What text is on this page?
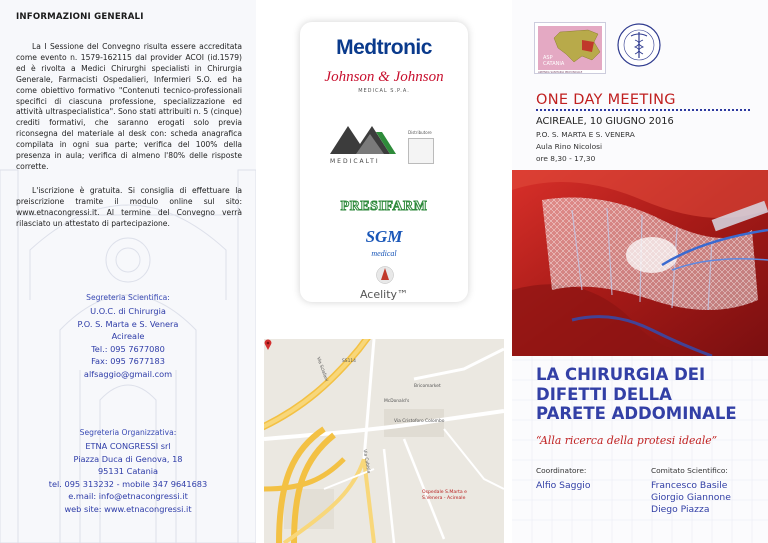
INFORMAZIONI GENERALI

La I Sessione del Convegno risulta essere accreditata come evento n. 1579-162115 dal provider ACOI (id.1579) ed è rivolta a Medici Chirurghi specialisti in Chirurgia Generale, Farmacisti Ospedalieri, Infermieri S.O. ed ha come obiettivo formativo "Contenuti tecnico-professionali specifici di ciascuna professione, specializzazione ed attività ultraspecialistica". Sono stati attribuiti n. 5 (cinque) crediti formativi, che saranno erogati solo previa riconsegna del materiale al desk con: scheda anagrafica compilata in ogni sua parte; verifica del 100% della presenza in aula; verifica di almeno l'80% delle risposte corrette.

L'iscrizione è gratuita. Si consiglia di effettuare la preiscrizione tramite il modulo online sul sito: www.etnacongressi.it. Al termine del Convegno verrà rilasciato un attestato di partecipazione.

Segreteria Scientifica:
U.O.C. di Chirurgia
P.O. S. Marta e S. Venera
Acireale
Tel.: 095 7677080
Fax: 095 7677183
alfsaggio@gmail.com
Segreteria Organizzativa:
ETNA CONGRESSI srl
Piazza Duca di Genova, 18
95131 Catania
tel. 095 313232 - mobile 347 9641683
e.mail: info@etnacongressi.it
web site: www.etnacongressi.it
Medtronic
Johnson & Johnson
MEDICAL S.P.A.
MEDICALTI
Distributore
PRESIFARM
SGM
medical
Acelity™
SS114
Via Cristoforo Colombo
Via Sclafani
Via Cubisia
Bricomarket
McDonald's
Ospedale S.Marta e
S.Venera - Acireale
ASP
CATANIA
AZIENDA SANITARIA PROVINCIALE
ONE DAY MEETING
ACIREALE, 10 GIUGNO 2016
P.O. S. MARTA E S. VENERA
Aula Rino Nicolosi
ore 8,30 - 17,30
LA CHIRURGIA DEI
DIFETTI DELLA
PARETE ADDOMINALE
“Alla ricerca della protesi ideale”
Coordinatore:
Alfio Saggio
Comitato Scientifico:
Francesco Basile
Giorgio Giannone
Diego Piazza
